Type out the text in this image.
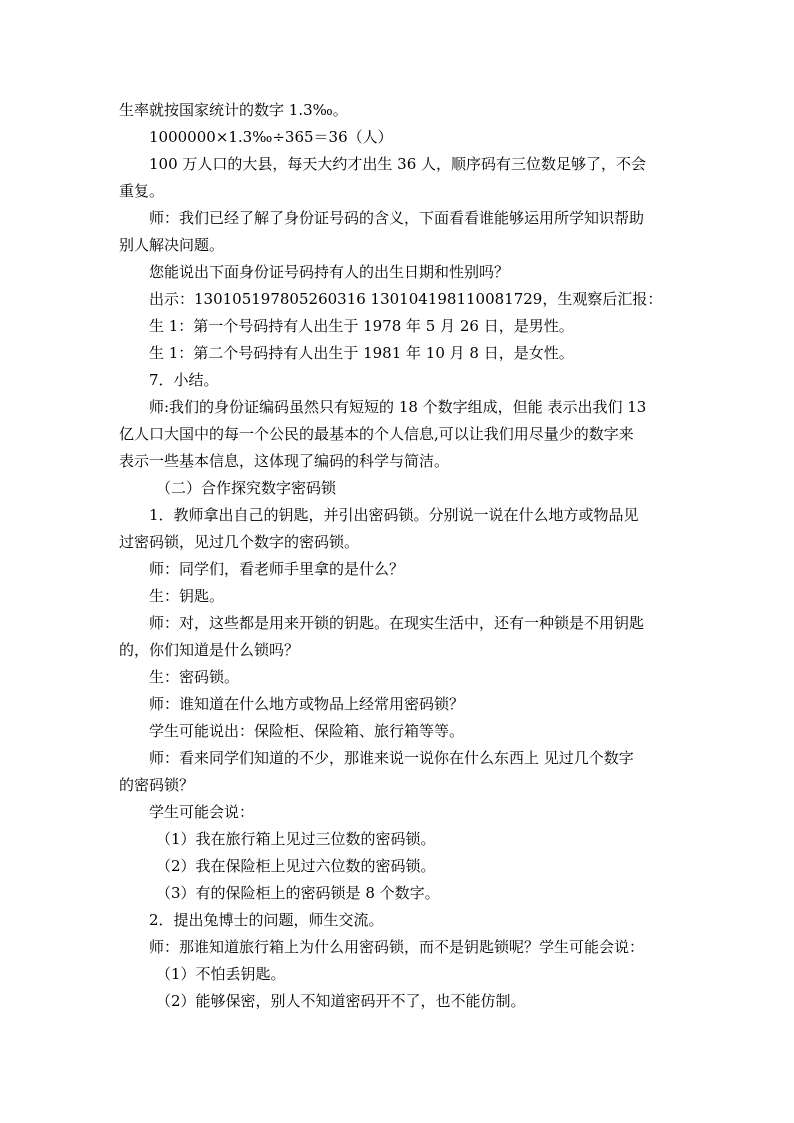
生率就按国家统计的数字 1.3‰。
1000000×1.3‰÷365＝36（人）
100 万人口的大县，每天大约才出生 36 人，顺序码有三位数足够了，不会
重复。
师：我们已经了解了身份证号码的含义，下面看看谁能够运用所学知识帮助
别人解决问题。
您能说出下面身份证号码持有人的出生日期和性别吗？
出示：130105197805260316 130104198110081729，生观察后汇报：
生 1：第一个号码持有人出生于 1978 年 5 月 26 日，是男性。
生 1：第二个号码持有人出生于 1981 年 10 月 8 日，是女性。
7．小结。
师:我们的身份证编码虽然只有短短的 18 个数字组成，但能 表示出我们 13
亿人口大国中的每一个公民的最基本的个人信息,可以让我们用尽量少的数字来
表示一些基本信息，这体现了编码的科学与简洁。
（二）合作探究数字密码锁
1．教师拿出自己的钥匙，并引出密码锁。分别说一说在什么地方或物品见
过密码锁，见过几个数字的密码锁。
师：同学们，看老师手里拿的是什么？
生：钥匙。
师：对，这些都是用来开锁的钥匙。在现实生活中，还有一种锁是不用钥匙
的，你们知道是什么锁吗？
生：密码锁。
师：谁知道在什么地方或物品上经常用密码锁？
学生可能说出：保险柜、保险箱、旅行箱等等。
师：看来同学们知道的不少，那谁来说一说你在什么东西上 见过几个数字
的密码锁？
学生可能会说：
（1）我在旅行箱上见过三位数的密码锁。
（2）我在保险柜上见过六位数的密码锁。
（3）有的保险柜上的密码锁是 8 个数字。
2．提出兔博士的问题，师生交流。
师：那谁知道旅行箱上为什么用密码锁，而不是钥匙锁呢？学生可能会说：
（1）不怕丢钥匙。
（2）能够保密，别人不知道密码开不了，也不能仿制。
